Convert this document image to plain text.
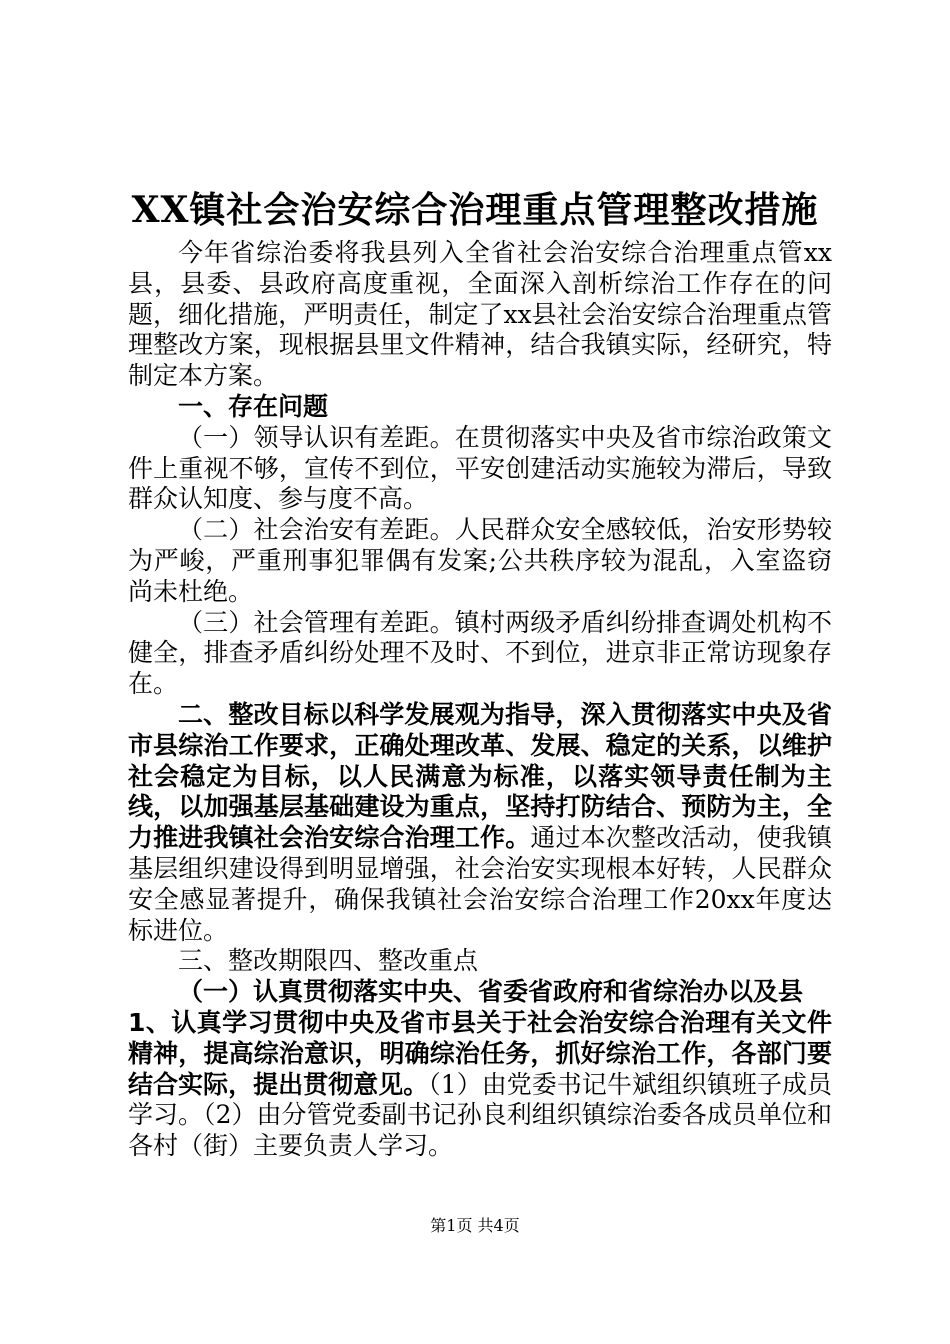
XX镇社会治安综合治理重点管理整改措施

今年省综治委将我县列入全省社会治安综合治理重点管xx县，县委、县政府高度重视，全面深入剖析综治工作存在的问题，细化措施，严明责任，制定了xx县社会治安综合治理重点管理整改方案，现根据县里文件精神，结合我镇实际，经研究，特制定本方案。

一、存在问题

（一）领导认识有差距。在贯彻落实中央及省市综治政策文件上重视不够，宣传不到位，平安创建活动实施较为滞后，导致群众认知度、参与度不高。

（二）社会治安有差距。人民群众安全感较低，治安形势较为严峻，严重刑事犯罪偶有发案;公共秩序较为混乱，入室盗窃尚未杜绝。

（三）社会管理有差距。镇村两级矛盾纠纷排查调处机构不健全，排查矛盾纠纷处理不及时、不到位，进京非正常访现象存在。

二、整改目标以科学发展观为指导，深入贯彻落实中央及省市县综治工作要求，正确处理改革、发展、稳定的关系，以维护社会稳定为目标，以人民满意为标准，以落实领导责任制为主线，以加强基层基础建设为重点，坚持打防结合、预防为主，全力推进我镇社会治安综合治理工作。通过本次整改活动，使我镇基层组织建设得到明显增强，社会治安实现根本好转，人民群众安全感显著提升，确保我镇社会治安综合治理工作20xx年度达标进位。

三、整改期限四、整改重点

（一）认真贯彻落实中央、省委省政府和省综治办以及县

1、认真学习贯彻中央及省市县关于社会治安综合治理有关文件精神，提高综治意识，明确综治任务，抓好综治工作，各部门要结合实际，提出贯彻意见。（1）由党委书记牛斌组织镇班子成员学习。（2）由分管党委副书记孙良利组织镇综治委各成员单位和各村（街）主要负责人学习。

第1页 共4页
